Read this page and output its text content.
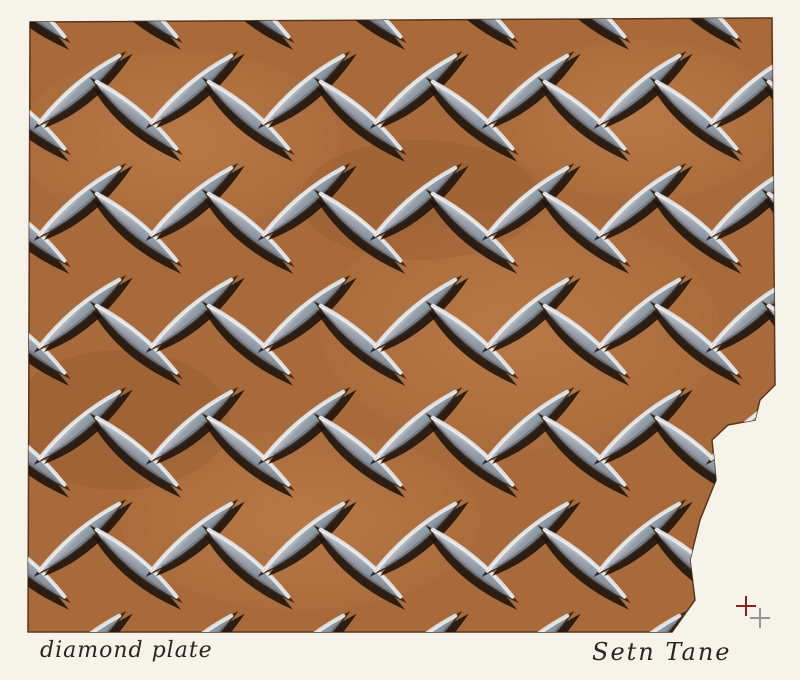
diamond plate	Setn Tane
